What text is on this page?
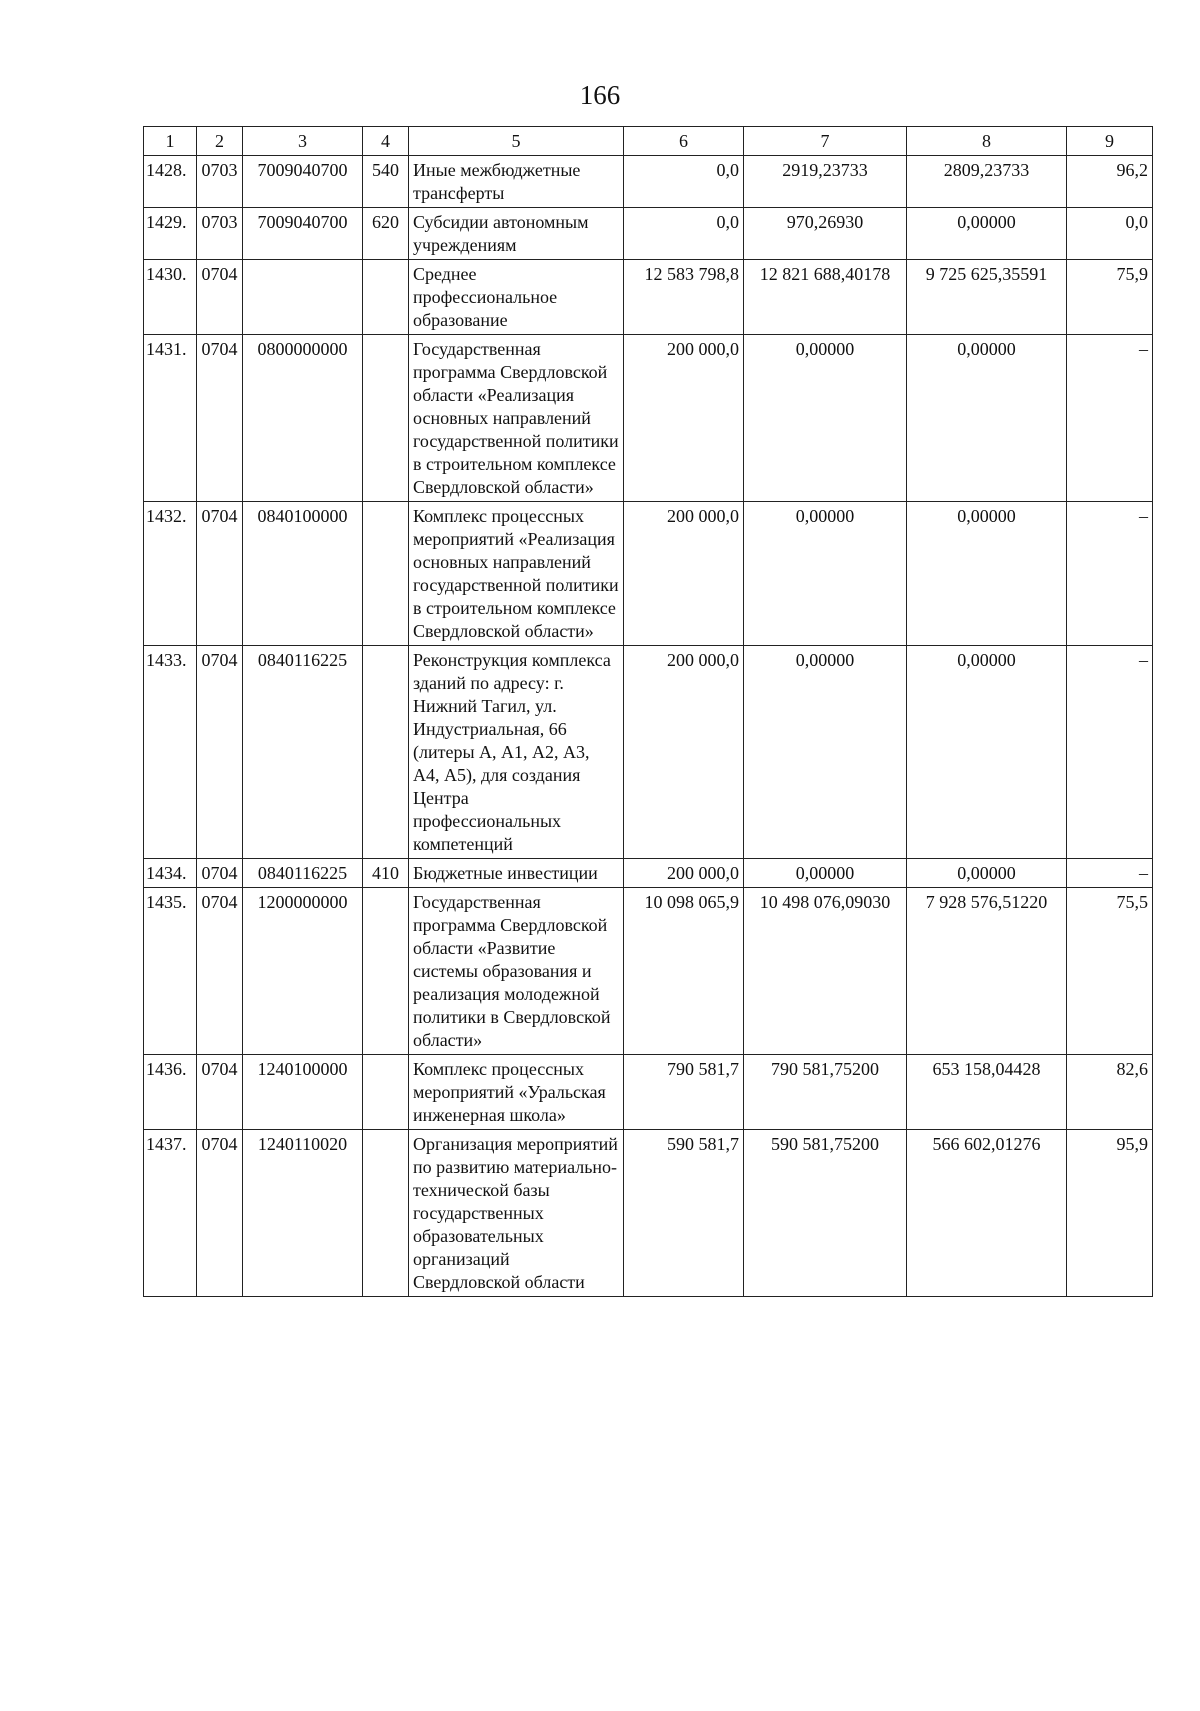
166
1	2	3	4	5	6	7	8	9
1428.	0703	7009040700	540	Иные межбюджетные трансферты	0,0	2919,23733	2809,23733	96,2
1429.	0703	7009040700	620	Субсидии автономным учреждениям	0,0	970,26930	0,00000	0,0
1430.	0704			Среднее профессиональное образование	12 583 798,8	12 821 688,40178	9 725 625,35591	75,9
1431.	0704	0800000000		Государственная программа Свердловской области «Реализация основных направлений государственной политики в строительном комплексе Свердловской области»	200 000,0	0,00000	0,00000	–
1432.	0704	0840100000		Комплекс процессных мероприятий «Реализация основных направлений государственной политики в строительном комплексе Свердловской области»	200 000,0	0,00000	0,00000	–
1433.	0704	0840116225		Реконструкция комплекса зданий по адресу: г. Нижний Тагил, ул. Индустриальная, 66 (литеры А, А1, А2, А3, А4, А5), для создания Центра профессиональных компетенций	200 000,0	0,00000	0,00000	–
1434.	0704	0840116225	410	Бюджетные инвестиции	200 000,0	0,00000	0,00000	–
1435.	0704	1200000000		Государственная программа Свердловской области «Развитие системы образования и реализация молодежной политики в Свердловской области»	10 098 065,9	10 498 076,09030	7 928 576,51220	75,5
1436.	0704	1240100000		Комплекс процессных мероприятий «Уральская инженерная школа»	790 581,7	790 581,75200	653 158,04428	82,6
1437.	0704	1240110020		Организация мероприятий по развитию материально-технической базы государственных образовательных организаций Свердловской области	590 581,7	590 581,75200	566 602,01276	95,9
